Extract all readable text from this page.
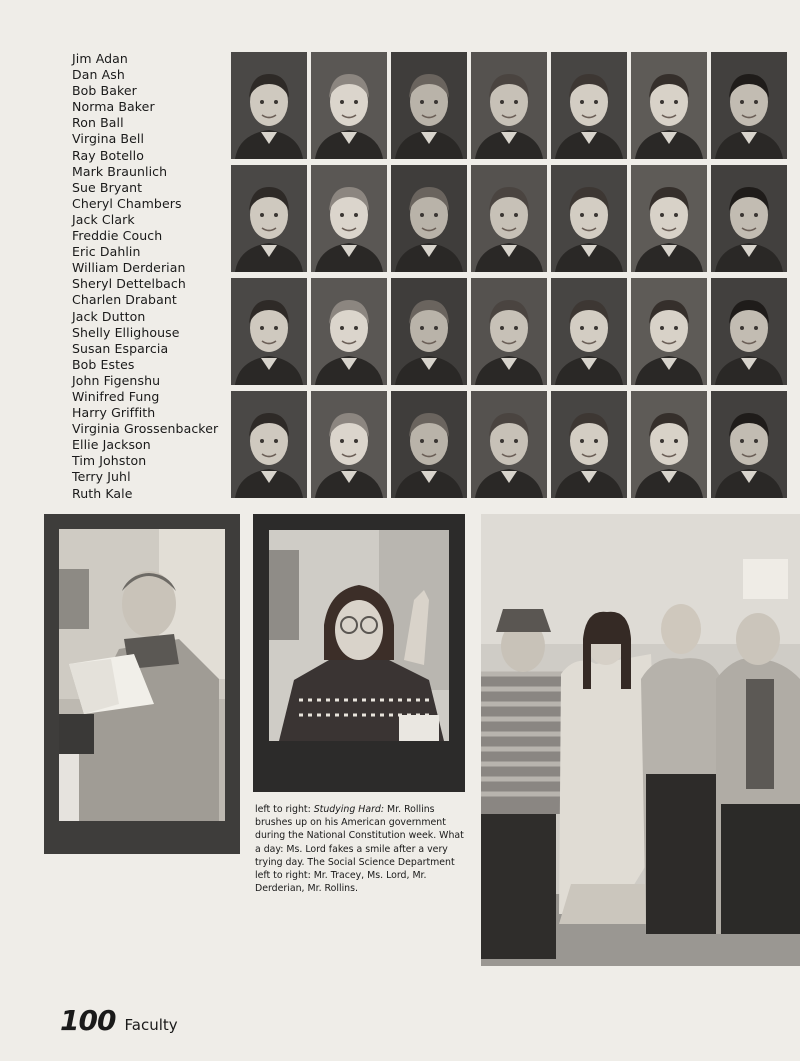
Jim Adan
Dan Ash
Bob Baker
Norma Baker
Ron Ball
Virgina Bell
Ray Botello
Mark Braunlich
Sue Bryant
Cheryl Chambers
Jack Clark
Freddie Couch
Eric Dahlin
William Derderian
Sheryl Dettelbach
Charlen Drabant
Jack Dutton
Shelly Ellighouse
Susan Esparcia
Bob Estes
John Figenshu
Winifred Fung
Harry Griffith
Virginia Grossenbacker
Ellie Jackson
Tim Johston
Terry Juhl
Ruth Kale

left to right: Studying Hard: Mr. Rollins brushes up on his American government during the National Constitution week. What a day: Ms. Lord fakes a smile after a very trying day. The Social Science Department left to right: Mr. Tracey, Ms. Lord, Mr. Derderian, Mr. Rollins.

100 Faculty
